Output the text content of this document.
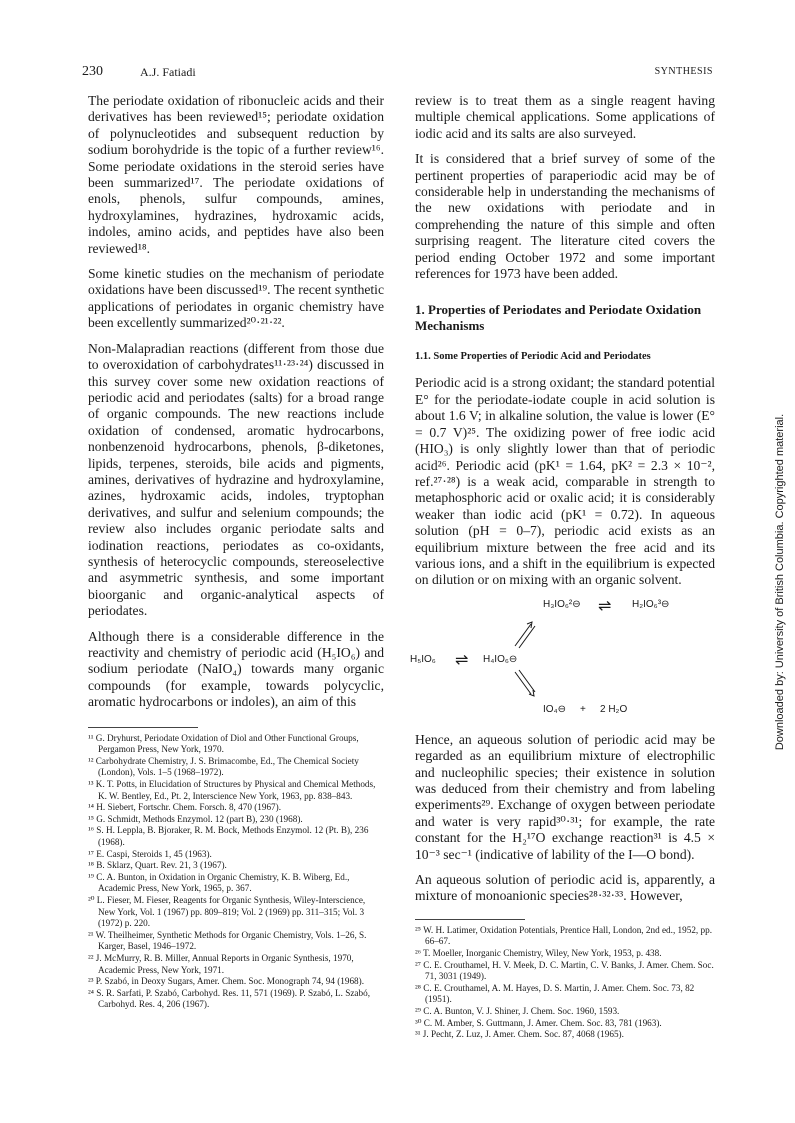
230	A.J. Fatiadi	SYNTHESIS

The periodate oxidation of ribonucleic acids and their derivatives has been reviewed¹⁵; periodate oxidation of polynucleotides and subsequent reduction by sodium borohydride is the topic of a further review¹⁶. Some periodate oxidations in the steroid series have been summarized¹⁷. The periodate oxidations of enols, phenols, sulfur compounds, amines, hydroxylamines, hydrazines, hydroxamic acids, indoles, amino acids, and peptides have also been reviewed¹⁸.

Some kinetic studies on the mechanism of periodate oxidations have been discussed¹⁹. The recent synthetic applications of periodates in organic chemistry have been excellently summarized²⁰·²¹·²².

Non-Malapradian reactions (different from those due to overoxidation of carbohydrates¹¹·²³·²⁴) discussed in this survey cover some new oxidation reactions of periodic acid and periodates (salts) for a broad range of organic compounds. The new reactions include oxidation of condensed, aromatic hydrocarbons, nonbenzenoid hydrocarbons, phenols, β-diketones, lipids, terpenes, steroids, bile acids and pigments, amines, derivatives of hydrazine and hydroxylamine, azines, hydroxamic acids, indoles, tryptophan derivatives, and sulfur and selenium compounds; the review also includes organic periodate salts and iodination reactions, periodates as co-oxidants, synthesis of heterocyclic compounds, stereoselective and asymmetric synthesis, and some important bioorganic and organic-analytical aspects of periodates.

Although there is a considerable difference in the reactivity and chemistry of periodic acid (H₅IO₆) and sodium periodate (NaIO₄) towards many organic compounds (for example, towards polycyclic, aromatic hydrocarbons or indoles), an aim of this

¹¹ G. Dryhurst, Periodate Oxidation of Diol and Other Functional Groups, Pergamon Press, New York, 1970.

¹² Carbohydrate Chemistry, J. S. Brimacombe, Ed., The Chemical Society (London), Vols. 1–5 (1968–1972).

¹³ K. T. Potts, in Elucidation of Structures by Physical and Chemical Methods, K. W. Bentley, Ed., Pt. 2, Interscience New York, 1963, pp. 838–843.

¹⁴ H. Siebert, Fortschr. Chem. Forsch. 8, 470 (1967).

¹⁵ G. Schmidt, Methods Enzymol. 12 (part B), 230 (1968).

¹⁶ S. H. Leppla, B. Bjoraker, R. M. Bock, Methods Enzymol. 12 (Pt. B), 236 (1968).

¹⁷ E. Caspi, Steroids 1, 45 (1963).

¹⁸ B. Sklarz, Quart. Rev. 21, 3 (1967).

¹⁹ C. A. Bunton, in Oxidation in Organic Chemistry, K. B. Wiberg, Ed., Academic Press, New York, 1965, p. 367.

²⁰ L. Fieser, M. Fieser, Reagents for Organic Synthesis, Wiley-Interscience, New York, Vol. 1 (1967) pp. 809–819; Vol. 2 (1969) pp. 311–315; Vol. 3 (1972) p. 220.

²¹ W. Theilheimer, Synthetic Methods for Organic Chemistry, Vols. 1–26, S. Karger, Basel, 1946–1972.

²² J. McMurry, R. B. Miller, Annual Reports in Organic Synthesis, 1970, Academic Press, New York, 1971.

²³ P. Szabó, in Deoxy Sugars, Amer. Chem. Soc. Monograph 74, 94 (1968).

²⁴ S. R. Sarfati, P. Szabó, Carbohyd. Res. 11, 571 (1969). P. Szabó, L. Szabó, Carbohyd. Res. 4, 206 (1967).

review is to treat them as a single reagent having multiple chemical applications. Some applications of iodic acid and its salts are also surveyed.

It is considered that a brief survey of some of the pertinent properties of paraperiodic acid may be of considerable help in understanding the mechanisms of the new oxidations with periodate and in comprehending the nature of this simple and often surprising reagent. The literature cited covers the period ending October 1972 and some important references for 1973 have been added.

1. Properties of Periodates and Periodate Oxidation Mechanisms
1.1. Some Properties of Periodic Acid and Periodates

Periodic acid is a strong oxidant; the standard potential E° for the periodate-iodate couple in acid solution is about 1.6 V; in alkaline solution, the value is lower (E° = 0.7 V)²⁵. The oxidizing power of free iodic acid (HIO₃) is only slightly lower than that of periodic acid²⁶. Periodic acid (pK¹ = 1.64, pK² = 2.3 × 10⁻², ref.²⁷·²⁸) is a weak acid, comparable in strength to metaphosphoric acid or oxalic acid; it is considerably weaker than iodic acid (pK¹ = 0.72). In aqueous solution (pH = 0–7), periodic acid exists as an equilibrium mixture between the free acid and its various ions, and a shift in the equilibrium is expected on dilution or on mixing with an organic solvent.

H₅IO₆ ⇌ H₄IO₆⊖
H₃IO₆²⊖ ⇌ H₂IO₆³⊖
IO₄⊖ + 2 H₂O

Hence, an aqueous solution of periodic acid may be regarded as an equilibrium mixture of electrophilic and nucleophilic species; their existence in solution was deduced from their chemistry and from labeling experiments²⁹. Exchange of oxygen between periodate and water is very rapid³⁰·³¹; for example, the rate constant for the H₂¹⁷O exchange reaction³¹ is 4.5 × 10⁻³ sec⁻¹ (indicative of lability of the I—O bond).

An aqueous solution of periodic acid is, apparently, a mixture of monoanionic species²⁸·³²·³³. However,

²⁵ W. H. Latimer, Oxidation Potentials, Prentice Hall, London, 2nd ed., 1952, pp. 66–67.

²⁶ T. Moeller, Inorganic Chemistry, Wiley, New York, 1953, p. 438.

²⁷ C. E. Crouthamel, H. V. Meek, D. C. Martin, C. V. Banks, J. Amer. Chem. Soc. 71, 3031 (1949).

²⁸ C. E. Crouthamel, A. M. Hayes, D. S. Martin, J. Amer. Chem. Soc. 73, 82 (1951).

²⁹ C. A. Bunton, V. J. Shiner, J. Chem. Soc. 1960, 1593.

³⁰ C. M. Amber, S. Guttmann, J. Amer. Chem. Soc. 83, 781 (1963).

³¹ J. Pecht, Z. Luz, J. Amer. Chem. Soc. 87, 4068 (1965).

Downloaded by: University of British Columbia. Copyrighted material.
